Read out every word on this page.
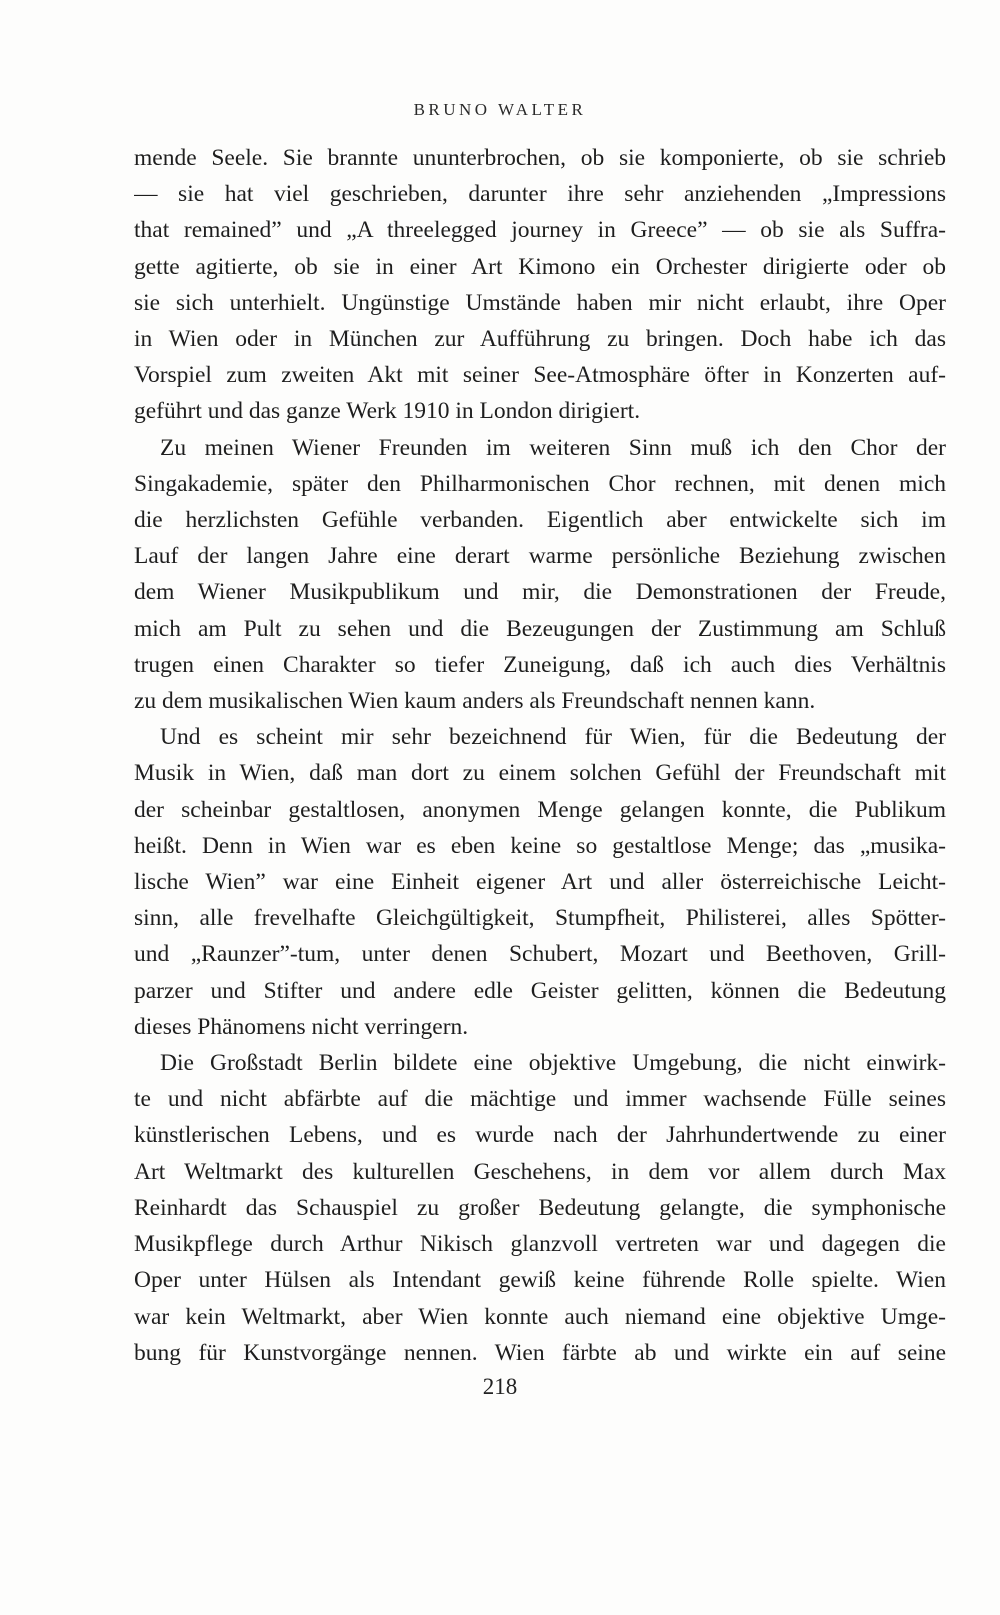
BRUNO WALTER

mende Seele. Sie brannte ununterbrochen, ob sie komponierte, ob sie schrieb
— sie hat viel geschrieben, darunter ihre sehr anziehenden „Impressions
that remained” und „A threelegged journey in Greece” — ob sie als Suffra-
gette agitierte, ob sie in einer Art Kimono ein Orchester dirigierte oder ob
sie sich unterhielt. Ungünstige Umstände haben mir nicht erlaubt, ihre Oper
in Wien oder in München zur Aufführung zu bringen. Doch habe ich das
Vorspiel zum zweiten Akt mit seiner See-Atmosphäre öfter in Konzerten auf-
geführt und das ganze Werk 1910 in London dirigiert.

Zu meinen Wiener Freunden im weiteren Sinn muß ich den Chor der
Singakademie, später den Philharmonischen Chor rechnen, mit denen mich
die herzlichsten Gefühle verbanden. Eigentlich aber entwickelte sich im
Lauf der langen Jahre eine derart warme persönliche Beziehung zwischen
dem Wiener Musikpublikum und mir, die Demonstrationen der Freude,
mich am Pult zu sehen und die Bezeugungen der Zustimmung am Schluß
trugen einen Charakter so tiefer Zuneigung, daß ich auch dies Verhältnis
zu dem musikalischen Wien kaum anders als Freundschaft nennen kann.

Und es scheint mir sehr bezeichnend für Wien, für die Bedeutung der
Musik in Wien, daß man dort zu einem solchen Gefühl der Freundschaft mit
der scheinbar gestaltlosen, anonymen Menge gelangen konnte, die Publikum
heißt. Denn in Wien war es eben keine so gestaltlose Menge; das „musika-
lische Wien” war eine Einheit eigener Art und aller österreichische Leicht-
sinn, alle frevelhafte Gleichgültigkeit, Stumpfheit, Philisterei, alles Spötter-
und „Raunzer”-tum, unter denen Schubert, Mozart und Beethoven, Grill-
parzer und Stifter und andere edle Geister gelitten, können die Bedeutung
dieses Phänomens nicht verringern.

Die Großstadt Berlin bildete eine objektive Umgebung, die nicht einwirk-
te und nicht abfärbte auf die mächtige und immer wachsende Fülle seines
künstlerischen Lebens, und es wurde nach der Jahrhundertwende zu einer
Art Weltmarkt des kulturellen Geschehens, in dem vor allem durch Max
Reinhardt das Schauspiel zu großer Bedeutung gelangte, die symphonische
Musikpflege durch Arthur Nikisch glanzvoll vertreten war und dagegen die
Oper unter Hülsen als Intendant gewiß keine führende Rolle spielte. Wien
war kein Weltmarkt, aber Wien konnte auch niemand eine objektive Umge-
bung für Kunstvorgänge nennen. Wien färbte ab und wirkte ein auf seine

218
